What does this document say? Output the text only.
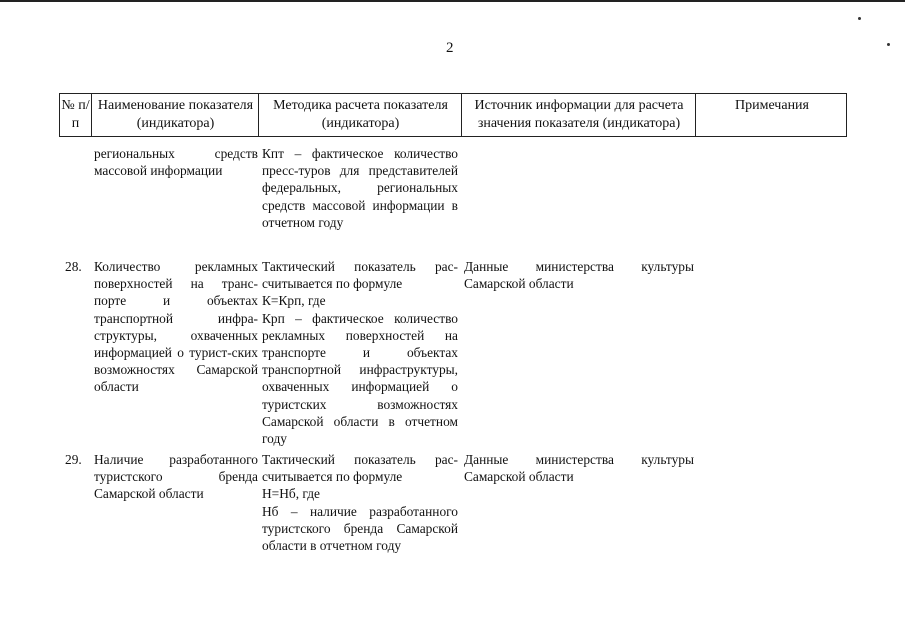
2
№ п/п
Наименование показателя (индикатора)
Методика расчета показателя (индикатора)
Источник информации для расчета значения показателя (индикатора)
Примечания
региональных средств массовой информации
Кпт – фактическое количество пресс-туров для представителей федеральных, региональных средств массовой информации в отчетном году
28. Количество рекламных поверхностей на транс-порте и объектах транспортной инфра-структуры, охваченных информацией о турист-ских возможностях Самарской области
Тактический показатель рас-считывается по формуле
К=Крп, где
Крп – фактическое количество рекламных поверхностей на транспорте и объектах транспортной инфраструктуры, охваченных информацией о туристских возможностях Самарской области в отчетном году
Данные министерства культуры Самарской области
29. Наличие разработанного туристского бренда Самарской области
Тактический показатель рас-считывается по формуле
Н=Нб, где
Нб – наличие разработанного туристского бренда Самарской области в отчетном году
Данные министерства культуры Самарской области
